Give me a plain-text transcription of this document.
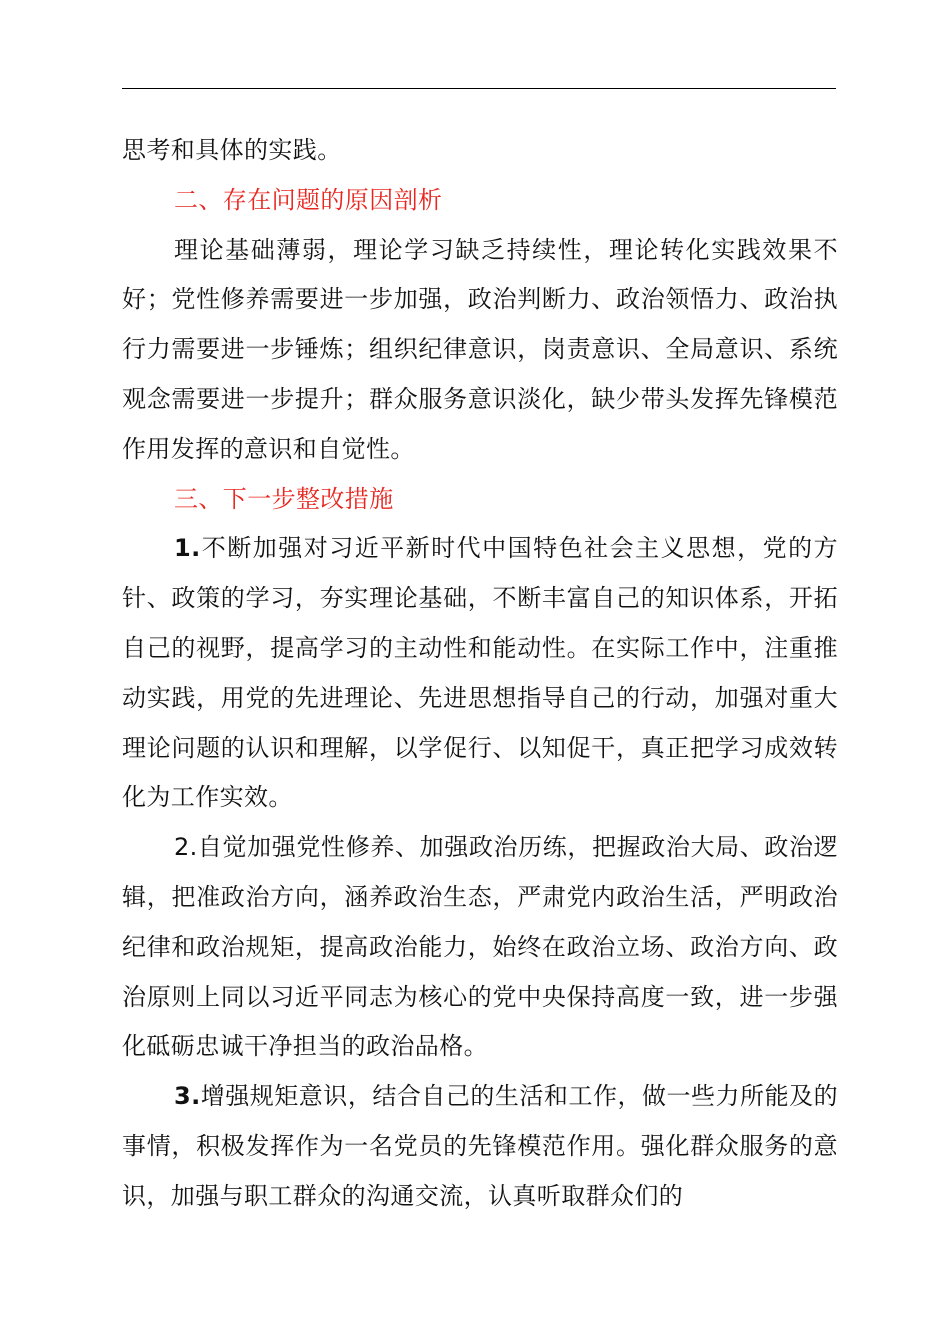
思考和具体的实践。

二、存在问题的原因剖析

理论基础薄弱，理论学习缺乏持续性，理论转化实践效果不好；党性修养需要进一步加强，政治判断力、政治领悟力、政治执行力需要进一步锤炼；组织纪律意识，岗责意识、全局意识、系统观念需要进一步提升；群众服务意识淡化，缺少带头发挥先锋模范作用发挥的意识和自觉性。

三、下一步整改措施

1.不断加强对习近平新时代中国特色社会主义思想，党的方针、政策的学习，夯实理论基础，不断丰富自己的知识体系，开拓自己的视野，提高学习的主动性和能动性。在实际工作中，注重推动实践，用党的先进理论、先进思想指导自己的行动，加强对重大理论问题的认识和理解，以学促行、以知促干，真正把学习成效转化为工作实效。

2.自觉加强党性修养、加强政治历练，把握政治大局、政治逻辑，把准政治方向，涵养政治生态，严肃党内政治生活，严明政治纪律和政治规矩，提高政治能力，始终在政治立场、政治方向、政治原则上同以习近平同志为核心的党中央保持高度一致，进一步强化砥砺忠诚干净担当的政治品格。

3.增强规矩意识，结合自己的生活和工作，做一些力所能及的事情，积极发挥作为一名党员的先锋模范作用。强化群众服务的意识，加强与职工群众的沟通交流，认真听取群众们的
